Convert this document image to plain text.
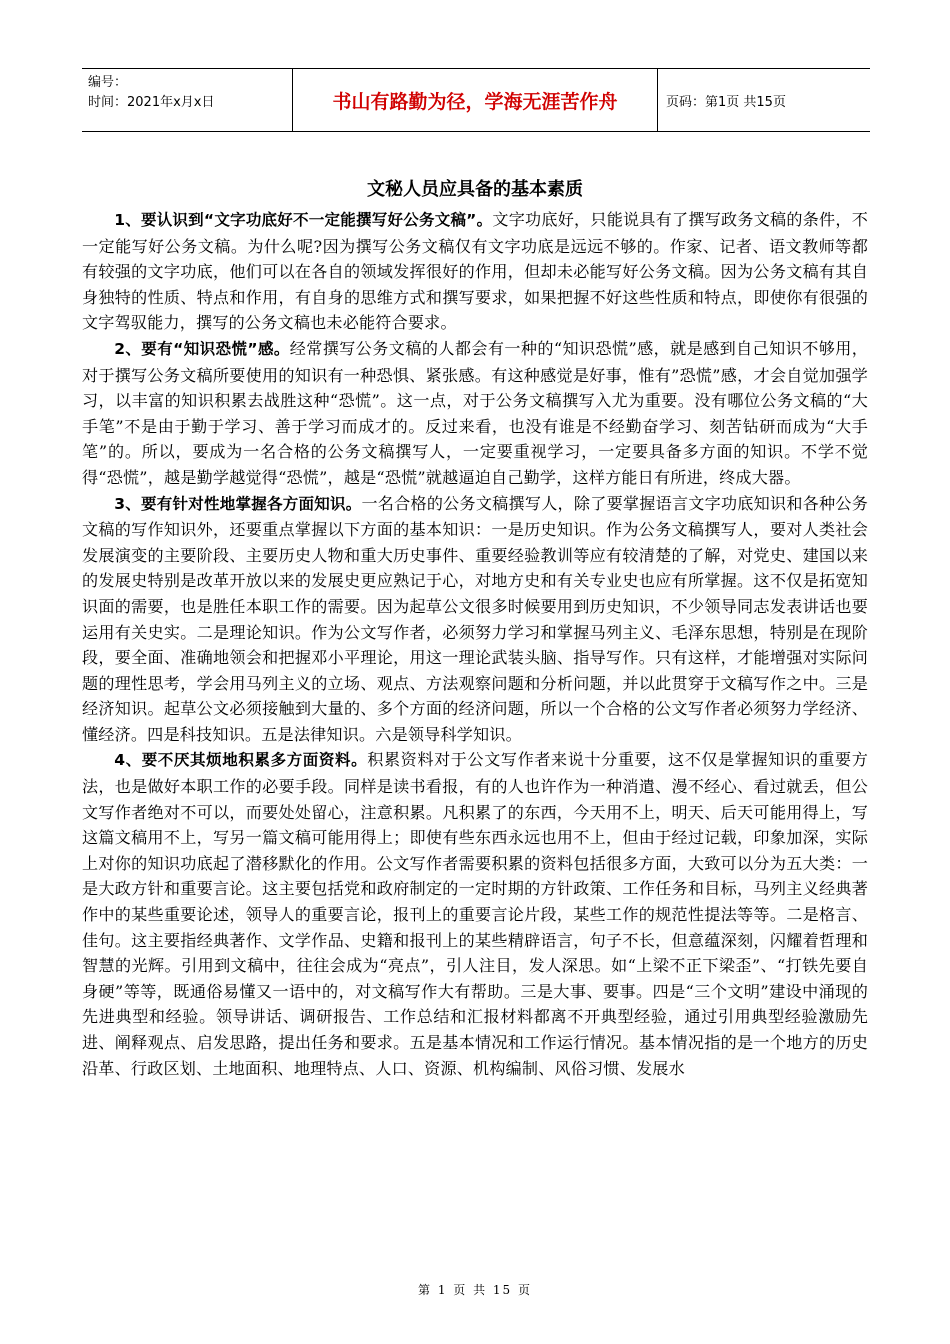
编号：
时间：2021年x月x日	书山有路勤为径，学海无涯苦作舟	页码：第1页 共15页
文秘人员应具备的基本素质

1、要认识到“文字功底好不一定能撰写好公务文稿”。文字功底好，只能说具有了撰写政务文稿的条件，不一定能写好公务文稿。为什么呢?因为撰写公务文稿仅有文字功底是远远不够的。作家、记者、语文教师等都有较强的文字功底，他们可以在各自的领域发挥很好的作用，但却未必能写好公务文稿。因为公务文稿有其自身独特的性质、特点和作用，有自身的思维方式和撰写要求，如果把握不好这些性质和特点，即使你有很强的文字驾驭能力，撰写的公务文稿也未必能符合要求。

2、要有“知识恐慌”感。经常撰写公务文稿的人都会有一种的“知识恐慌”感，就是感到自己知识不够用，对于撰写公务文稿所要使用的知识有一种恐惧、紧张感。有这种感觉是好事，惟有”恐慌”感，才会自觉加强学习，以丰富的知识积累去战胜这种“恐慌”。这一点，对于公务文稿撰写入尤为重要。没有哪位公务文稿的“大手笔”不是由于勤于学习、善于学习而成才的。反过来看，也没有谁是不经勤奋学习、刻苦钻研而成为“大手笔”的。所以，要成为一名合格的公务文稿撰写人，一定要重视学习，一定要具备多方面的知识。不学不觉得“恐慌”，越是勤学越觉得“恐慌”，越是“恐慌”就越逼迫自己勤学，这样方能日有所进，终成大器。

3、要有针对性地掌握各方面知识。一名合格的公务文稿撰写人，除了要掌握语言文字功底知识和各种公务文稿的写作知识外，还要重点掌握以下方面的基本知识：一是历史知识。作为公务文稿撰写人，要对人类社会发展演变的主要阶段、主要历史人物和重大历史事件、重要经验教训等应有较清楚的了解，对党史、建国以来的发展史特别是改革开放以来的发展史更应熟记于心，对地方史和有关专业史也应有所掌握。这不仅是拓宽知识面的需要，也是胜任本职工作的需要。因为起草公文很多时候要用到历史知识，不少领导同志发表讲话也要运用有关史实。二是理论知识。作为公文写作者，必须努力学习和掌握马列主义、毛泽东思想，特别是在现阶段，要全面、准确地领会和把握邓小平理论，用这一理论武装头脑、指导写作。只有这样，才能增强对实际问题的理性思考，学会用马列主义的立场、观点、方法观察问题和分析问题，并以此贯穿于文稿写作之中。三是经济知识。起草公文必须接触到大量的、多个方面的经济问题，所以一个合格的公文写作者必须努力学经济、懂经济。四是科技知识。五是法律知识。六是领导科学知识。

4、要不厌其烦地积累多方面资料。积累资料对于公文写作者来说十分重要，这不仅是掌握知识的重要方法，也是做好本职工作的必要手段。同样是读书看报，有的人也许作为一种消遣、漫不经心、看过就丢，但公文写作者绝对不可以，而要处处留心，注意积累。凡积累了的东西，今天用不上，明天、后天可能用得上，写这篇文稿用不上，写另一篇文稿可能用得上；即使有些东西永远也用不上，但由于经过记载，印象加深，实际上对你的知识功底起了潜移默化的作用。公文写作者需要积累的资料包括很多方面，大致可以分为五大类：一是大政方针和重要言论。这主要包括党和政府制定的一定时期的方针政策、工作任务和目标，马列主义经典著作中的某些重要论述，领导人的重要言论，报刊上的重要言论片段，某些工作的规范性提法等等。二是格言、佳句。这主要指经典著作、文学作品、史籍和报刊上的某些精辟语言，句子不长，但意蕴深刻，闪耀着哲理和智慧的光辉。引用到文稿中，往往会成为“亮点”，引人注目，发人深思。如“上梁不正下梁歪”、“打铁先要自身硬”等等，既通俗易懂又一语中的，对文稿写作大有帮助。三是大事、要事。四是“三个文明”建设中涌现的先进典型和经验。领导讲话、调研报告、工作总结和汇报材料都离不开典型经验，通过引用典型经验激励先进、阐释观点、启发思路，提出任务和要求。五是基本情况和工作运行情况。基本情况指的是一个地方的历史沿革、行政区划、土地面积、地理特点、人口、资源、机构编制、风俗习惯、发展水

第 1 页 共 15 页
